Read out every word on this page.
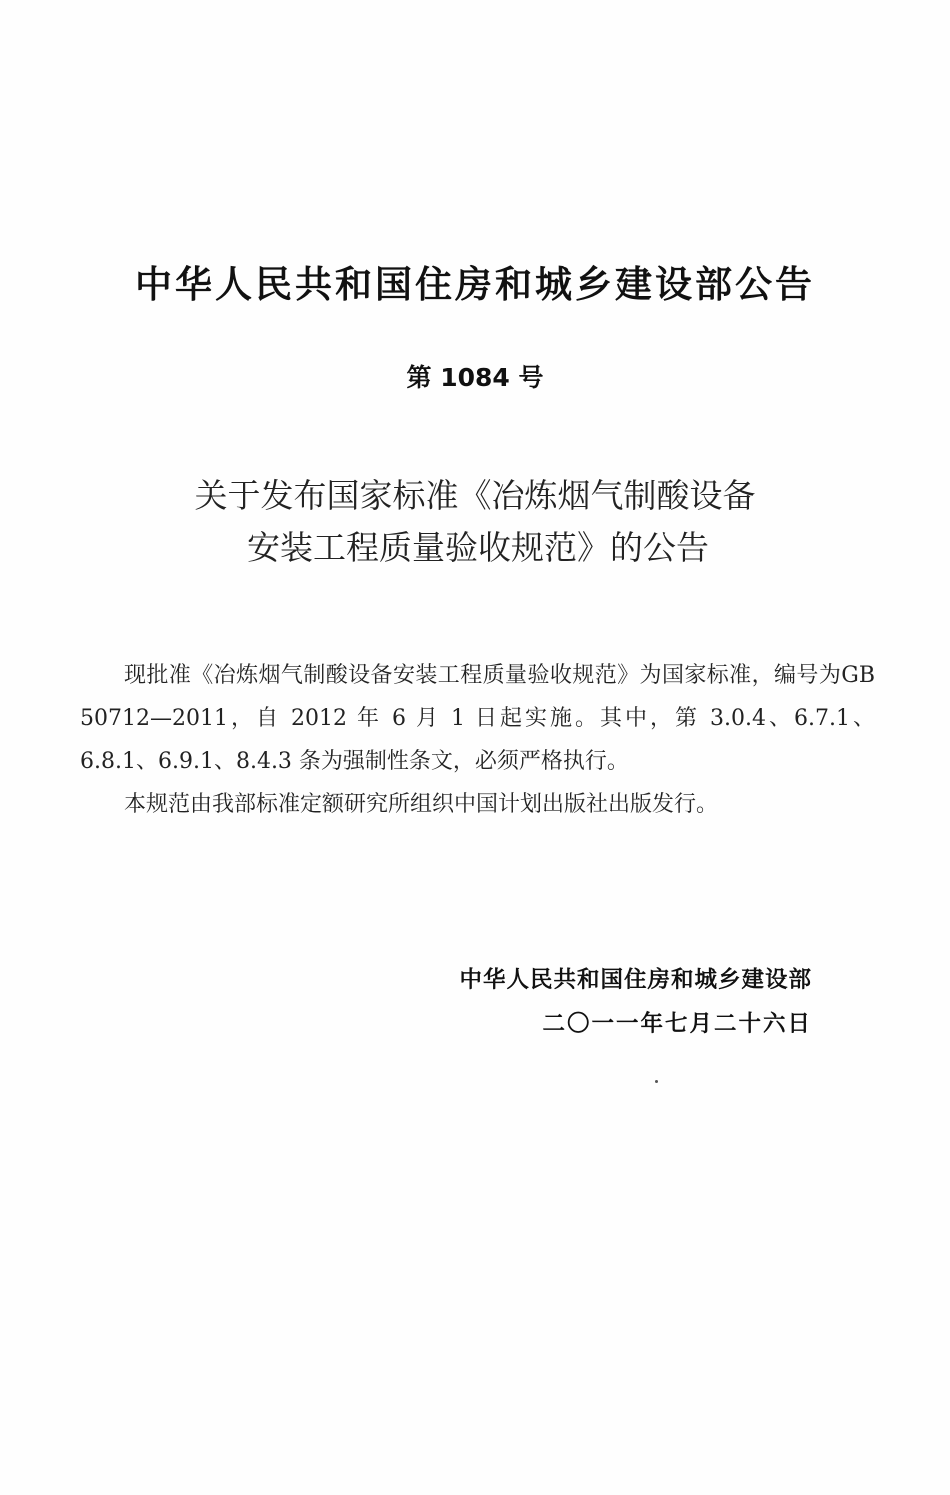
中华人民共和国住房和城乡建设部公告
第 1084 号
关于发布国家标准《冶炼烟气制酸设备
安装工程质量验收规范》的公告

现批准《冶炼烟气制酸设备安装工程质量验收规范》为国家标准，编号为GB 50712—2011，自 2012 年 6 月 1 日起实施。其中，第 3.0.4、6.7.1、6.8.1、6.9.1、8.4.3 条为强制性条文，必须严格执行。

本规范由我部标准定额研究所组织中国计划出版社出版发行。

中华人民共和国住房和城乡建设部
二〇一一年七月二十六日
